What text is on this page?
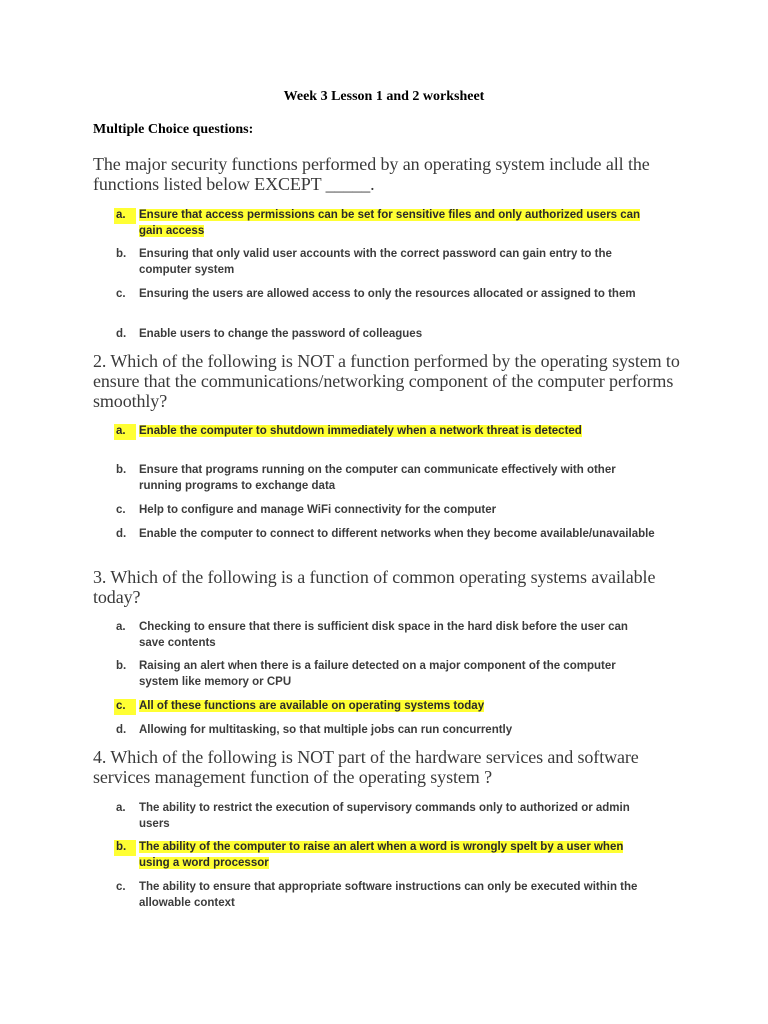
Week 3 Lesson 1 and 2 worksheet
Multiple Choice questions:
The major security functions performed by an operating system include all the functions listed below EXCEPT _____.
a.	Ensure that access permissions can be set for sensitive files and only authorized users can gain access
b.	Ensuring that only valid user accounts with the correct password can gain entry to the computer system
c.	Ensuring the users are allowed access to only the resources allocated or assigned to them
d.	Enable users to change the password of colleagues
2. Which of the following is NOT a function performed by the operating system to ensure that the communications/networking component of the computer performs smoothly?
a.	Enable the computer to shutdown immediately when a network threat is detected
b.	Ensure that programs running on the computer can communicate effectively with other running programs to exchange data
c.	Help to configure and manage WiFi connectivity for the computer
d.	Enable the computer to connect to different networks when they become available/unavailable
3. Which of the following is a function of common operating systems available today?
a.	Checking to ensure that there is sufficient disk space in the hard disk before the user can save contents
b.	Raising an alert when there is a failure detected on a major component of the computer system like memory or CPU
c.	All of these functions are available on operating systems today
d.	Allowing for multitasking, so that multiple jobs can run concurrently
4. Which of the following is NOT part of the hardware services and software services management function of the operating system ?
a.	The ability to restrict the execution of supervisory commands only to authorized or admin users
b.	The ability of the computer to raise an alert when a word is wrongly spelt by a user when using a word processor
c.	The ability to ensure that appropriate software instructions can only be executed within the allowable context
